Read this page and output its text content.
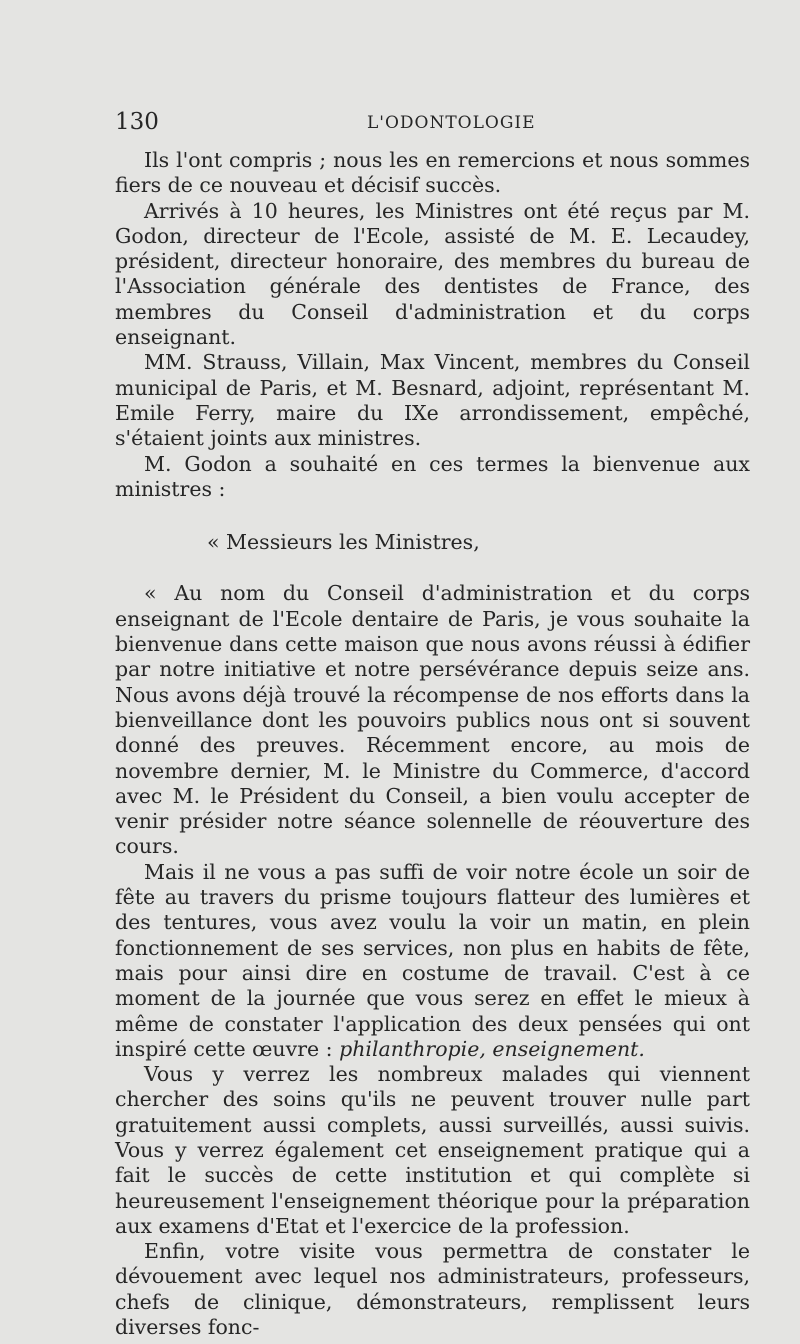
130	L'ODONTOLOGIE

Ils l'ont compris ; nous les en remercions et nous sommes fiers de ce nouveau et décisif succès.

Arrivés à 10 heures, les Ministres ont été reçus par M. Godon, directeur de l'Ecole, assisté de M. E. Lecaudey, président, directeur honoraire, des membres du bureau de l'Association générale des dentistes de France, des membres du Conseil d'administration et du corps enseignant.

MM. Strauss, Villain, Max Vincent, membres du Conseil municipal de Paris, et M. Besnard, adjoint, représentant M. Emile Ferry, maire du IXe arrondissement, empêché, s'étaient joints aux ministres.

M. Godon a souhaité en ces termes la bienvenue aux ministres :

« Messieurs les Ministres,

« Au nom du Conseil d'administration et du corps enseignant de l'Ecole dentaire de Paris, je vous souhaite la bienvenue dans cette maison que nous avons réussi à édifier par notre initiative et notre persévérance depuis seize ans. Nous avons déjà trouvé la récompense de nos efforts dans la bienveillance dont les pouvoirs publics nous ont si souvent donné des preuves. Récemment encore, au mois de novembre dernier, M. le Ministre du Commerce, d'accord avec M. le Président du Conseil, a bien voulu accepter de venir présider notre séance solennelle de réouverture des cours.

Mais il ne vous a pas suffi de voir notre école un soir de fête au travers du prisme toujours flatteur des lumières et des tentures, vous avez voulu la voir un matin, en plein fonctionnement de ses services, non plus en habits de fête, mais pour ainsi dire en costume de travail. C'est à ce moment de la journée que vous serez en effet le mieux à même de constater l'application des deux pensées qui ont inspiré cette œuvre : philanthropie, enseignement.

Vous y verrez les nombreux malades qui viennent chercher des soins qu'ils ne peuvent trouver nulle part gratuitement aussi complets, aussi surveillés, aussi suivis. Vous y verrez également cet enseignement pratique qui a fait le succès de cette institution et qui complète si heureusement l'enseignement théorique pour la préparation aux examens d'Etat et l'exercice de la profession.

Enfin, votre visite vous permettra de constater le dévouement avec lequel nos administrateurs, professeurs, chefs de clinique, démonstrateurs, remplissent leurs diverses fonc-
